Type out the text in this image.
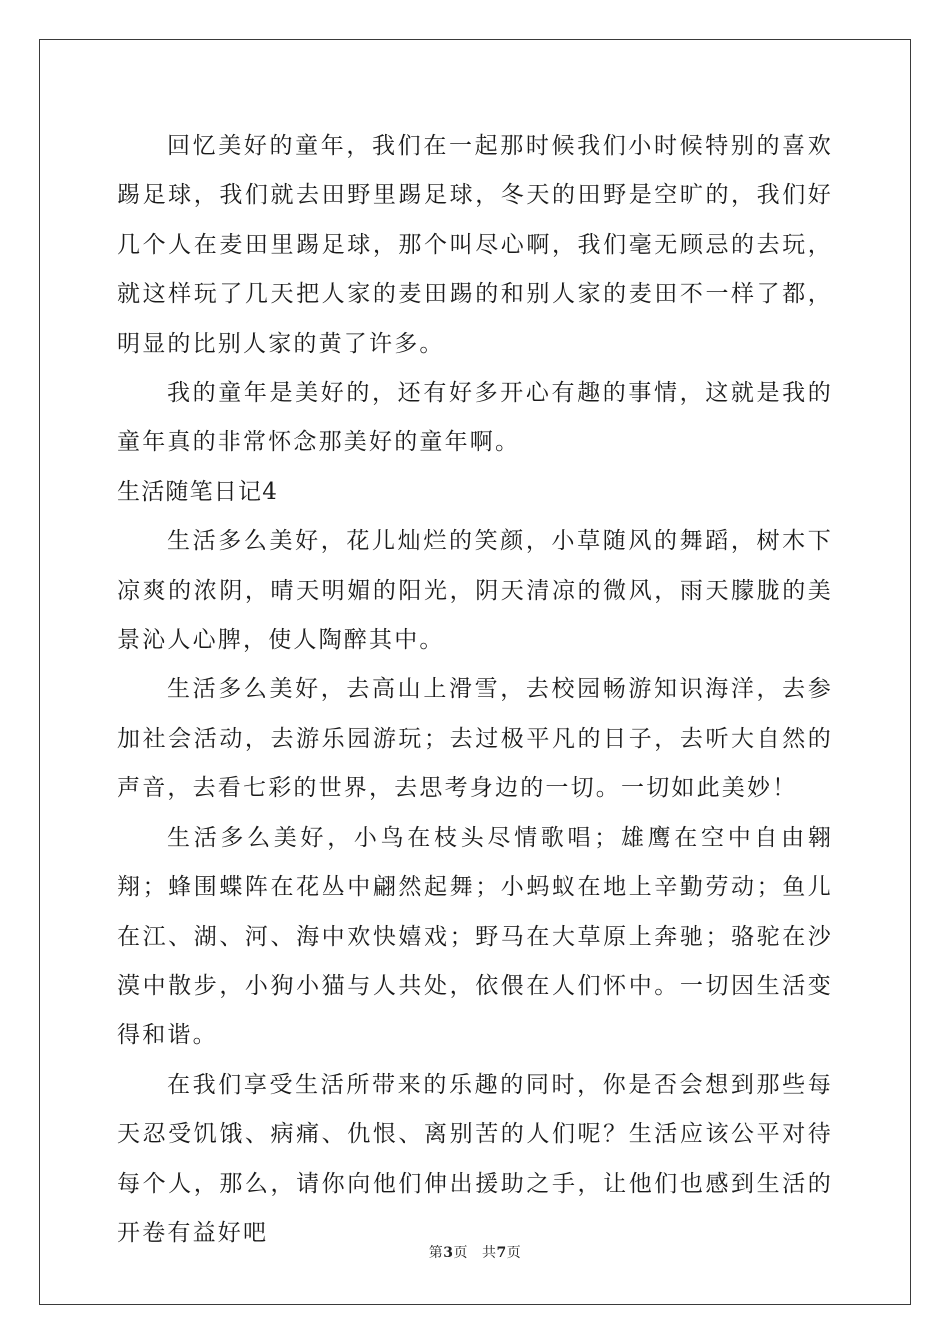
回忆美好的童年，我们在一起那时候我们小时候特别的喜欢踢足球，我们就去田野里踢足球，冬天的田野是空旷的，我们好几个人在麦田里踢足球，那个叫尽心啊，我们毫无顾忌的去玩，就这样玩了几天把人家的麦田踢的和别人家的麦田不一样了都，明显的比别人家的黄了许多。

我的童年是美好的，还有好多开心有趣的事情，这就是我的童年真的非常怀念那美好的童年啊。

生活随笔日记4

生活多么美好，花儿灿烂的笑颜，小草随风的舞蹈，树木下凉爽的浓阴，晴天明媚的阳光，阴天清凉的微风，雨天朦胧的美景沁人心脾，使人陶醉其中。

生活多么美好，去高山上滑雪，去校园畅游知识海洋，去参加社会活动，去游乐园游玩；去过极平凡的日子，去听大自然的声音，去看七彩的世界，去思考身边的一切。一切如此美妙！

生活多么美好，小鸟在枝头尽情歌唱；雄鹰在空中自由翱翔；蜂围蝶阵在花丛中翩然起舞；小蚂蚁在地上辛勤劳动；鱼儿在江、湖、河、海中欢快嬉戏；野马在大草原上奔驰；骆驼在沙漠中散步，小狗小猫与人共处，依偎在人们怀中。一切因生活变得和谐。

在我们享受生活所带来的乐趣的同时，你是否会想到那些每天忍受饥饿、病痛、仇恨、离别苦的人们呢？生活应该公平对待每个人，那么，请你向他们伸出援助之手，让他们也感到生活的开卷有益好吧

第3页 共7页
